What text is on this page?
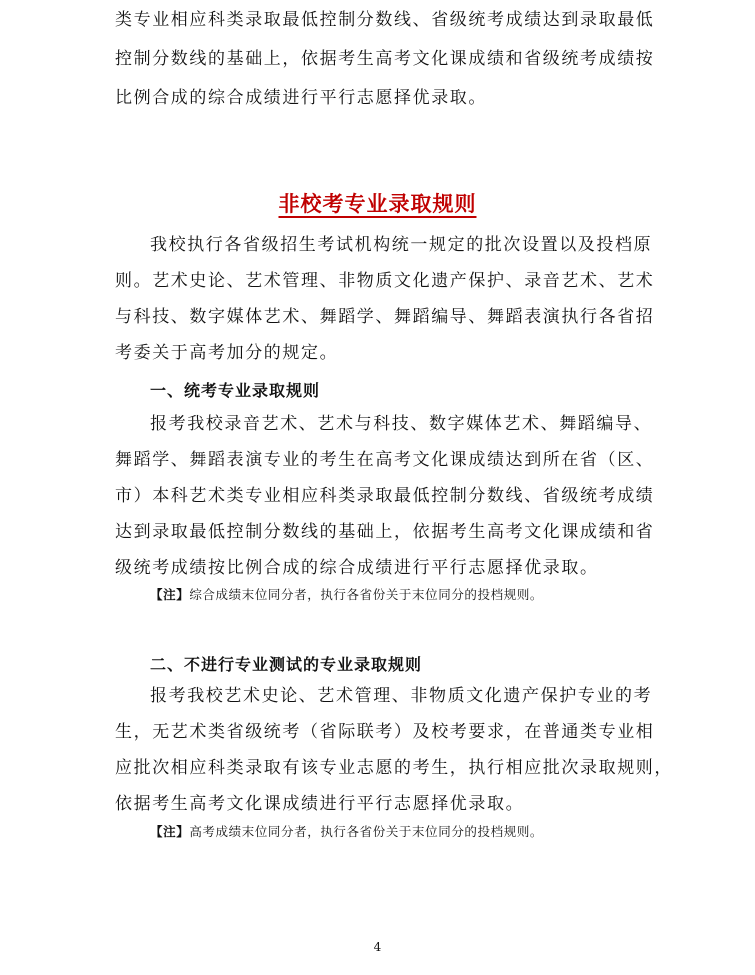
类专业相应科类录取最低控制分数线、省级统考成绩达到录取最低
控制分数线的基础上，依据考生高考文化课成绩和省级统考成绩按
比例合成的综合成绩进行平行志愿择优录取。
非校考专业录取规则
我校执行各省级招生考试机构统一规定的批次设置以及投档原
则。艺术史论、艺术管理、非物质文化遗产保护、录音艺术、艺术
与科技、数字媒体艺术、舞蹈学、舞蹈编导、舞蹈表演执行各省招
考委关于高考加分的规定。
一、统考专业录取规则
报考我校录音艺术、艺术与科技、数字媒体艺术、舞蹈编导、
舞蹈学、舞蹈表演专业的考生在高考文化课成绩达到所在省（区、
市）本科艺术类专业相应科类录取最低控制分数线、省级统考成绩
达到录取最低控制分数线的基础上，依据考生高考文化课成绩和省
级统考成绩按比例合成的综合成绩进行平行志愿择优录取。
【注】综合成绩末位同分者，执行各省份关于末位同分的投档规则。
二、不进行专业测试的专业录取规则
报考我校艺术史论、艺术管理、非物质文化遗产保护专业的考
生，无艺术类省级统考（省际联考）及校考要求，在普通类专业相
应批次相应科类录取有该专业志愿的考生，执行相应批次录取规则，
依据考生高考文化课成绩进行平行志愿择优录取。
【注】高考成绩末位同分者，执行各省份关于末位同分的投档规则。
4
